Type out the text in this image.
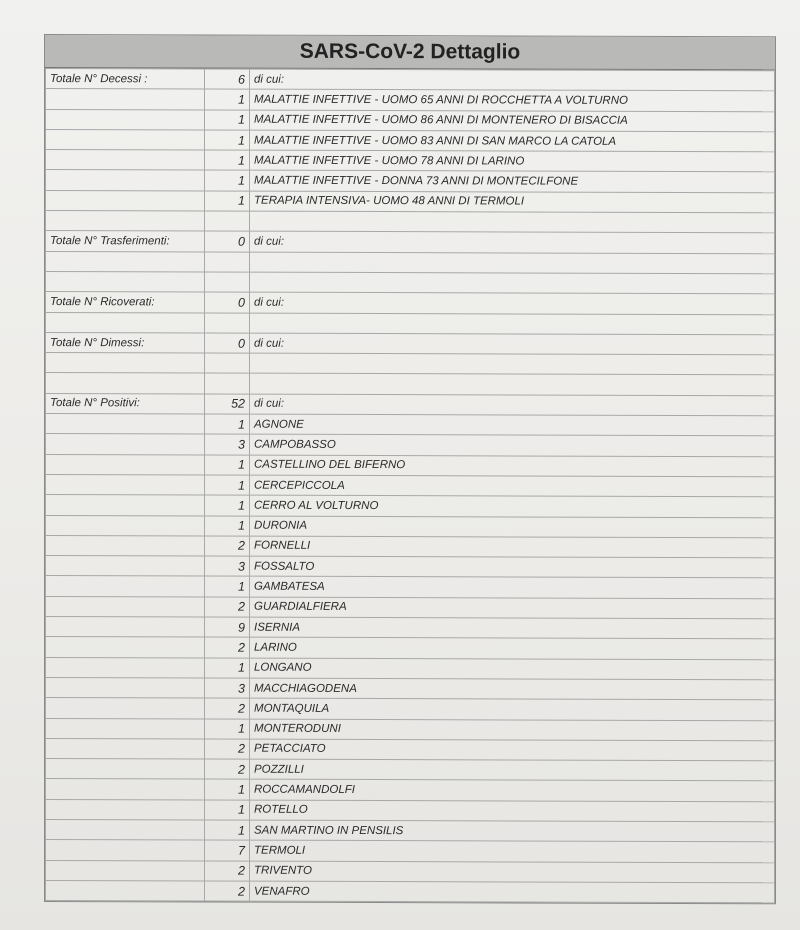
SARS-CoV-2 Dettaglio
Totale N° Decessi :	6	di cui:
	1	MALATTIE INFETTIVE - UOMO 65 ANNI DI ROCCHETTA A VOLTURNO
	1	MALATTIE INFETTIVE - UOMO 86 ANNI DI MONTENERO DI BISACCIA
	1	MALATTIE INFETTIVE - UOMO 83 ANNI DI SAN MARCO LA CATOLA
	1	MALATTIE INFETTIVE - UOMO 78 ANNI DI LARINO
	1	MALATTIE INFETTIVE - DONNA 73 ANNI DI MONTECILFONE
	1	TERAPIA INTENSIVA- UOMO 48 ANNI DI TERMOLI

Totale N° Trasferimenti:	0	di cui:

Totale N° Ricoverati:	0	di cui:

Totale N° Dimessi:	0	di cui:

Totale N° Positivi:	52	di cui:
	1	AGNONE
	3	CAMPOBASSO
	1	CASTELLINO DEL BIFERNO
	1	CERCEPICCOLA
	1	CERRO AL VOLTURNO
	1	DURONIA
	2	FORNELLI
	3	FOSSALTO
	1	GAMBATESA
	2	GUARDIALFIERA
	9	ISERNIA
	2	LARINO
	1	LONGANO
	3	MACCHIAGODENA
	2	MONTAQUILA
	1	MONTERODUNI
	2	PETACCIATO
	2	POZZILLI
	1	ROCCAMANDOLFI
	1	ROTELLO
	1	SAN MARTINO IN PENSILIS
	7	TERMOLI
	2	TRIVENTO
	2	VENAFRO
